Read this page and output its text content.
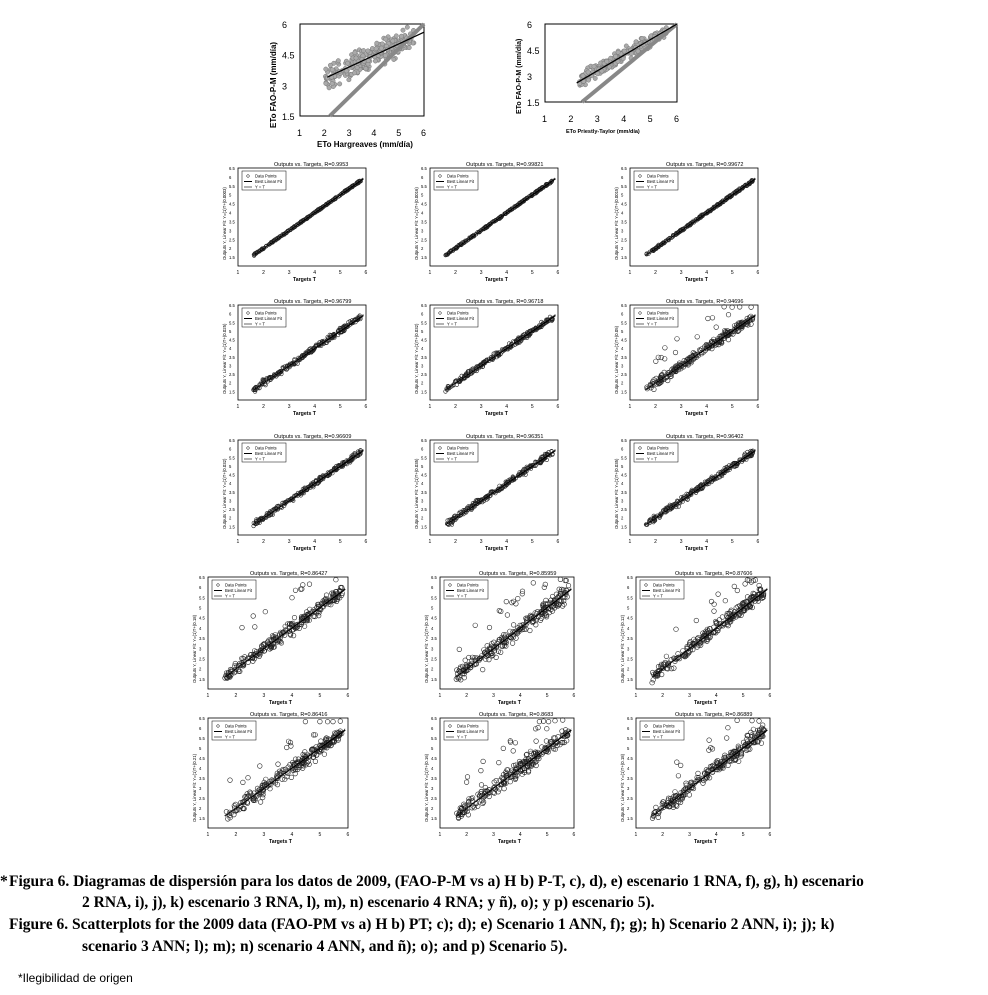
1 2 3 4 5 6
1.5
3
4.5
6
ETo Hargreaves (mm/día)
ETo FAO-P-M (mm/día)	1 2 3 4 5 6
1.5
3
4.5
6
ETo Priestly-Taylor (mm/día)
ETo FAO-P-M (mm/día)
Data Points
Best Linear Fit
Y = T
1	2	3	4	5	6
1.5
2
2.5
3
3.5
4
4.5
5
5.5
6
6.5
Outputs vs. Targets, R=0.9953
Targets T
Outputs Y, Linear Fit: Y=(1)T+(0.0003)
Data Points
Best Linear Fit
Y = T
1	2	3	4	5	6
1.5
2
2.5
3
3.5
4
4.5
5
5.5
6
6.5
Outputs vs. Targets, R=0.99821
Targets T
Outputs Y, Linear Fit: Y=(1)T+(0.0016)
Data Points
Best Linear Fit
Y = T
1	2	3	4	5	6
1.5
2
2.5
3
3.5
4
4.5
5
5.5
6
6.5
Outputs vs. Targets, R=0.99672
Targets T
Outputs Y, Linear Fit: Y=(1)T+(0.0015)
Data Points
Best Linear Fit
Y = T
1	2	3	4	5	6
1.5
2
2.5
3
3.5
4
4.5
5
5.5
6
6.5
Outputs vs. Targets, R=0.96799
Targets T
Outputs Y, Linear Fit: Y=(1)T+(0.025)
Data Points
Best Linear Fit
Y = T
1	2	3	4	5	6
1.5
2
2.5
3
3.5
4
4.5
5
5.5
6
6.5
Outputs vs. Targets, R=0.96718
Targets T
Outputs Y, Linear Fit: Y=(1)T+(0.032)
Data Points
Best Linear Fit
Y = T
1	2	3	4	5	6
1.5
2
2.5
3
3.5
4
4.5
5
5.5
6
6.5
Outputs vs. Targets, R=0.94696
Targets T
Outputs Y, Linear Fit: Y=(1)T+(0.05)
Data Points
Best Linear Fit
Y = T
1	2	3	4	5	6
1.5
2
2.5
3
3.5
4
4.5
5
5.5
6
6.5
Outputs vs. Targets, R=0.96609
Targets T
Outputs Y, Linear Fit: Y=(1)T+(0.032)
Data Points
Best Linear Fit
Y = T
1	2	3	4	5	6
1.5
2
2.5
3
3.5
4
4.5
5
5.5
6
6.5
Outputs vs. Targets, R=0.96351
Targets T
Outputs Y, Linear Fit: Y=(1)T+(0.035)
Data Points
Best Linear Fit
Y = T
1	2	3	4	5	6
1.5
2
2.5
3
3.5
4
4.5
5
5.5
6
6.5
Outputs vs. Targets, R=0.96402
Targets T
Outputs Y, Linear Fit: Y=(1)T+(0.035)
Data Points
Best Linear Fit
Y = T
1	2	3	4	5	6
1.5
2
2.5
3
3.5
4
4.5
5
5.5
6
6.5
Outputs vs. Targets, R=0.86427
Targets T
Outputs Y, Linear Fit: Y=(1)T+(0.18)
Data Points
Best Linear Fit
Y = T
1	2	3	4	5	6
1.5
2
2.5
3
3.5
4
4.5
5
5.5
6
6.5
Outputs vs. Targets, R=0.85959
Targets T
Outputs Y, Linear Fit: Y=(1)T+(0.19)
Data Points
Best Linear Fit
Y = T
1	2	3	4	5	6
1.5
2
2.5
3
3.5
4
4.5
5
5.5
6
6.5
Outputs vs. Targets, R=0.87606
Targets T
Outputs Y, Linear Fit: Y=(1)T+(0.12)
Data Points
Best Linear Fit
Y = T
1	2	3	4	5	6
1.5
2
2.5
3
3.5
4
4.5
5
5.5
6
6.5
Outputs vs. Targets, R=0.86416
Targets T
Outputs Y, Linear Fit: Y=(1)T+(0.21)
Data Points
Best Linear Fit
Y = T
1	2	3	4	5	6
1.5
2
2.5
3
3.5
4
4.5
5
5.5
6
6.5
Outputs vs. Targets, R=0.8683
Targets T
Outputs Y, Linear Fit: Y=(1)T+(0.16)
Data Points
Best Linear Fit
Y = T
1	2	3	4	5	6
1.5
2
2.5
3
3.5
4
4.5
5
5.5
6
6.5
Outputs vs. Targets, R=0.86889
Targets T
Outputs Y, Linear Fit: Y=(1)T+(0.18)
* Figura 6. Diagramas de dispersión para los datos de 2009, (FAO-P-M vs a) H b) P-T, c), d), e) escenario 1 RNA, f), g), h) escenario
2 RNA, i), j), k) escenario 3 RNA, l), m), n) escenario 4 RNA; y ñ), o); y p) escenario 5).
Figure 6. Scatterplots for the 2009 data (FAO-PM vs a) H b) PT; c); d); e) Scenario 1 ANN, f); g); h) Scenario 2 ANN, i); j); k)
scenario 3 ANN; l); m); n) scenario 4 ANN, and ñ); o); and p) Scenario 5).
*Ilegibilidad de origen
